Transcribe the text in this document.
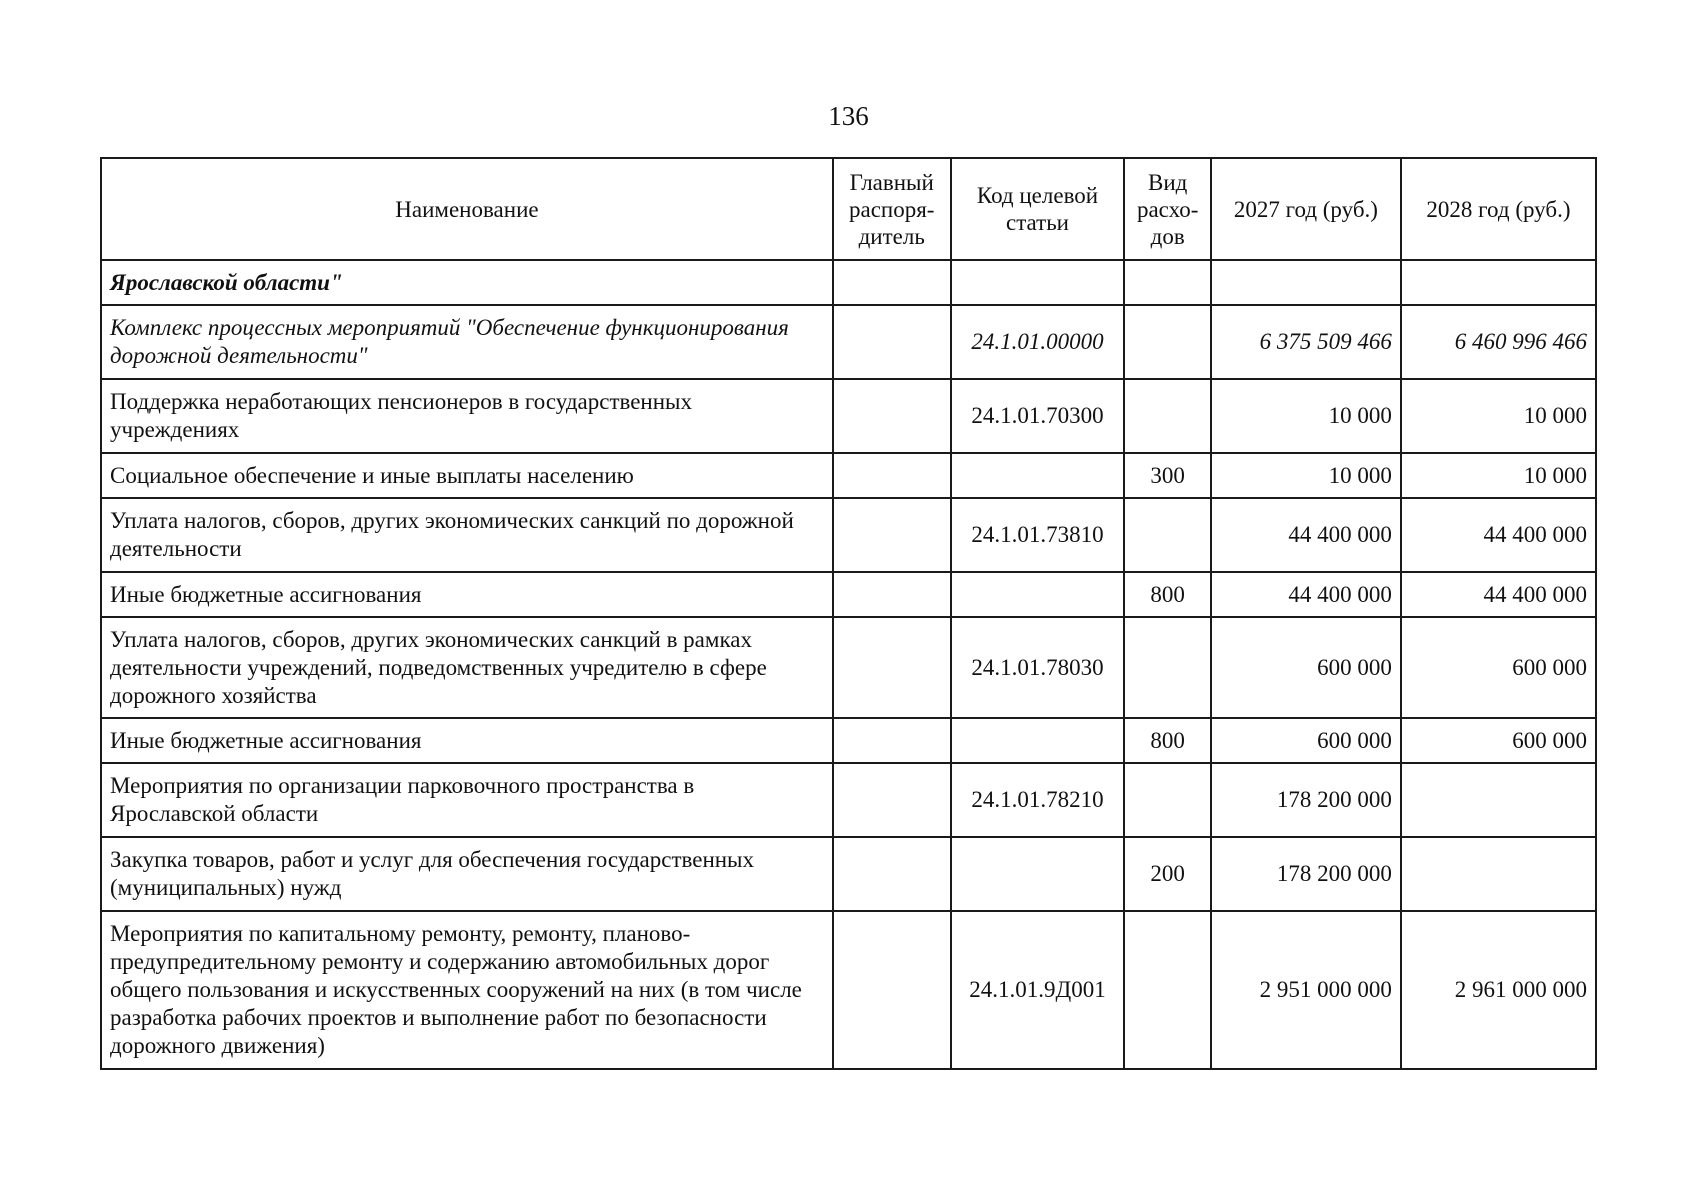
136
Наименование	Главный распоря-дитель	Код целевой статьи	Вид расхо-дов	2027 год (руб.)	2028 год (руб.)
Ярославской области"					
Комплекс процессных мероприятий "Обеспечение функционирования дорожной деятельности"		24.1.01.00000		6 375 509 466	6 460 996 466
Поддержка неработающих пенсионеров в государственных учреждениях		24.1.01.70300		10 000	10 000
Социальное обеспечение и иные выплаты населению			300	10 000	10 000
Уплата налогов, сборов, других экономических санкций по дорожной деятельности		24.1.01.73810		44 400 000	44 400 000
Иные бюджетные ассигнования			800	44 400 000	44 400 000
Уплата налогов, сборов, других экономических санкций в рамках деятельности учреждений, подведомственных учредителю в сфере дорожного хозяйства		24.1.01.78030		600 000	600 000
Иные бюджетные ассигнования			800	600 000	600 000
Мероприятия по организации парковочного пространства в Ярославской области		24.1.01.78210		178 200 000	
Закупка товаров, работ и услуг для обеспечения государственных (муниципальных) нужд			200	178 200 000	
Мероприятия по капитальному ремонту, ремонту, планово-предупредительному ремонту и содержанию автомобильных дорог общего пользования и искусственных сооружений на них (в том числе разработка рабочих проектов и выполнение работ по безопасности дорожного движения)		24.1.01.9Д001		2 951 000 000	2 961 000 000
